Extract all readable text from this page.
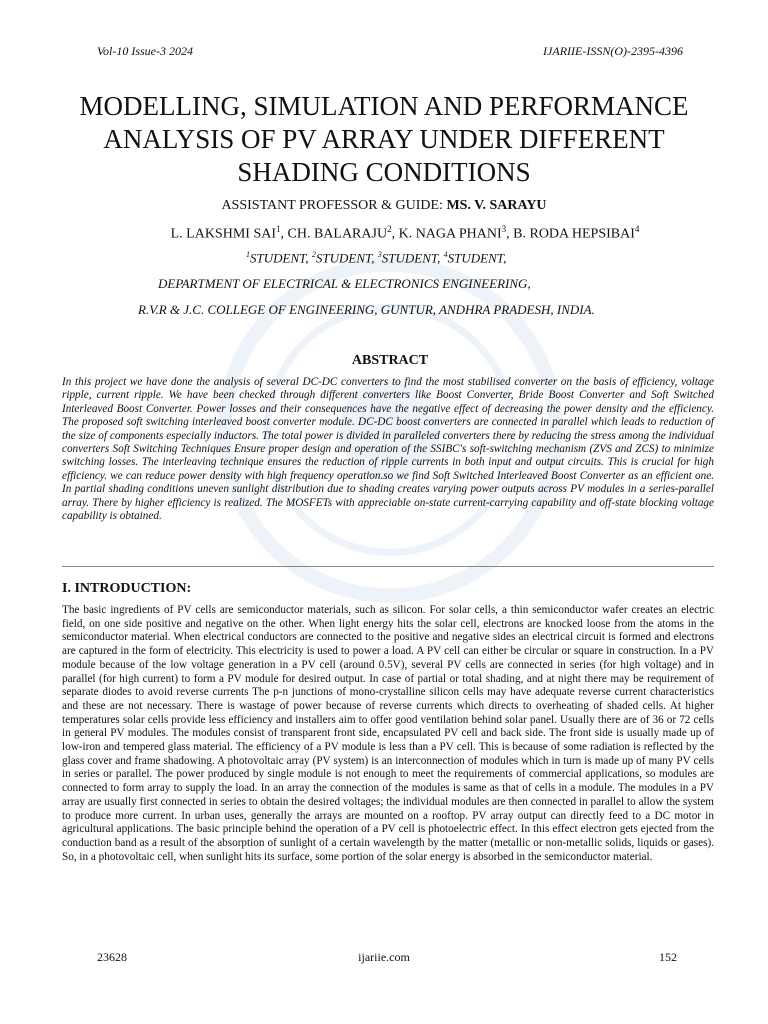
Vol-10 Issue-3 2024	IJARIIE-ISSN(O)-2395-4396
MODELLING, SIMULATION AND PERFORMANCE ANALYSIS OF PV ARRAY UNDER DIFFERENT SHADING CONDITIONS
ASSISTANT PROFESSOR & GUIDE: MS. V. SARAYU
L. LAKSHMI SAI$^1$, CH. BALARAJU$^2$, K. NAGA PHANI$^3$, B. RODA HEPSIBAI$^4$
$^1$STUDENT, $^2$STUDENT, $^3$STUDENT, $^4$STUDENT,
DEPARTMENT OF ELECTRICAL & ELECTRONICS ENGINEERING,
R.V.R & J.C. COLLEGE OF ENGINEERING, GUNTUR, ANDHRA PRADESH, INDIA.
ABSTRACT

In this project we have done the analysis of several DC-DC converters to find the most stabilised converter on the basis of efficiency, voltage ripple, current ripple. We have been checked through different converters like Boost Converter, Bride Boost Converter and Soft Switched Interleaved Boost Converter. Power losses and their consequences have the negative effect of decreasing the power density and the efficiency. The proposed soft switching interleaved boost converter module. DC-DC boost converters are connected in parallel which leads to reduction of the size of components especially inductors. The total power is divided in paralleled converters there by reducing the stress among the individual converters Soft Switching Techniques Ensure proper design and operation of the SSIBC's soft-switching mechanism (ZVS and ZCS) to minimize switching losses. The interleaving technique ensures the reduction of ripple currents in both input and output circuits. This is crucial for high efficiency. we can reduce power density with high frequency operation.so we find Soft Switched Interleaved Boost Converter as an efficient one. In partial shading conditions uneven sunlight distribution due to shading creates varying power outputs across PV modules in a series-parallel array. There by higher efficiency is realized. The MOSFETs with appreciable on-state current-carrying capability and off-state blocking voltage capability is obtained.

I. INTRODUCTION:

The basic ingredients of PV cells are semiconductor materials, such as silicon. For solar cells, a thin semiconductor wafer creates an electric field, on one side positive and negative on the other. When light energy hits the solar cell, electrons are knocked loose from the atoms in the semiconductor material. When electrical conductors are connected to the positive and negative sides an electrical circuit is formed and electrons are captured in the form of electricity. This electricity is used to power a load. A PV cell can either be circular or square in construction. In a PV module because of the low voltage generation in a PV cell (around 0.5V), several PV cells are connected in series (for high voltage) and in parallel (for high current) to form a PV module for desired output. In case of partial or total shading, and at night there may be requirement of separate diodes to avoid reverse currents The p-n junctions of mono-crystalline silicon cells may have adequate reverse current characteristics and these are not necessary. There is wastage of power because of reverse currents which directs to overheating of shaded cells. At higher temperatures solar cells provide less efficiency and installers aim to offer good ventilation behind solar panel. Usually there are of 36 or 72 cells in general PV modules. The modules consist of transparent front side, encapsulated PV cell and back side. The front side is usually made up of low-iron and tempered glass material. The efficiency of a PV module is less than a PV cell. This is because of some radiation is reflected by the glass cover and frame shadowing. A photovoltaic array (PV system) is an interconnection of modules which in turn is made up of many PV cells in series or parallel. The power produced by single module is not enough to meet the requirements of commercial applications, so modules are connected to form array to supply the load. In an array the connection of the modules is same as that of cells in a module. The modules in a PV array are usually first connected in series to obtain the desired voltages; the individual modules are then connected in parallel to allow the system to produce more current. In urban uses, generally the arrays are mounted on a rooftop. PV array output can directly feed to a DC motor in agricultural applications. The basic principle behind the operation of a PV cell is photoelectric effect. In this effect electron gets ejected from the conduction band as a result of the absorption of sunlight of a certain wavelength by the matter (metallic or non-metallic solids, liquids or gases). So, in a photovoltaic cell, when sunlight hits its surface, some portion of the solar energy is absorbed in the semiconductor material.

23628	ijariie.com	152
